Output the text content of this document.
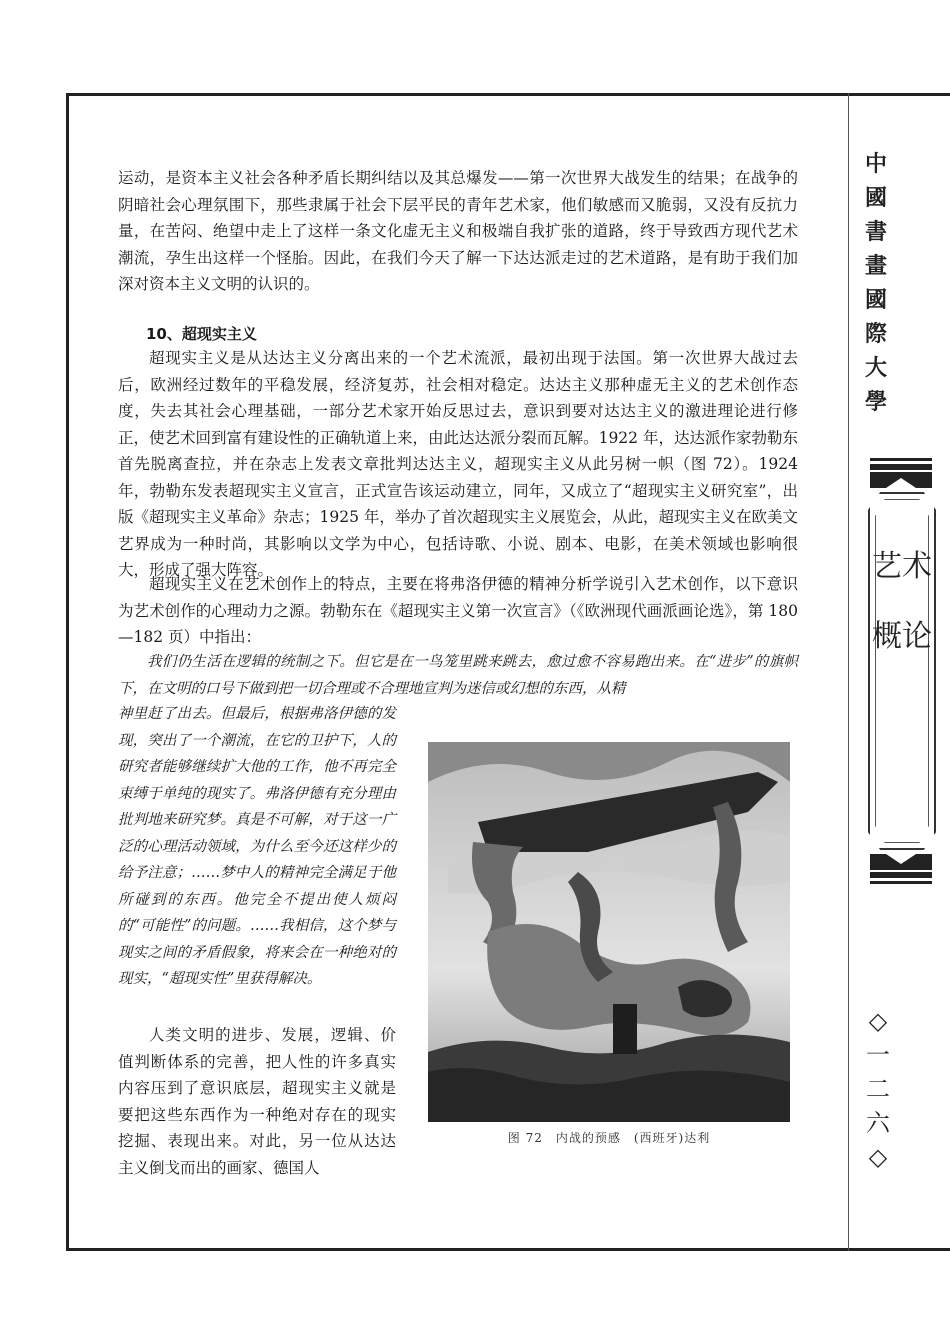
中國書畫國際大學
艺术概论
◇一二六◇

运动，是资本主义社会各种矛盾长期纠结以及其总爆发——第一次世界大战发生的结果；在战争的阴暗社会心理氛围下，那些隶属于社会下层平民的青年艺术家，他们敏感而又脆弱，又没有反抗力量，在苦闷、绝望中走上了这样一条文化虚无主义和极端自我扩张的道路，终于导致西方现代艺术潮流，孕生出这样一个怪胎。因此，在我们今天了解一下达达派走过的艺术道路，是有助于我们加深对资本主义文明的认识的。

10、超现实主义

超现实主义是从达达主义分离出来的一个艺术流派，最初出现于法国。第一次世界大战过去后，欧洲经过数年的平稳发展，经济复苏，社会相对稳定。达达主义那种虚无主义的艺术创作态度，失去其社会心理基础，一部分艺术家开始反思过去，意识到要对达达主义的激进理论进行修正，使艺术回到富有建设性的正确轨道上来，由此达达派分裂而瓦解。1922 年，达达派作家勃勒东首先脱离查拉，并在杂志上发表文章批判达达主义，超现实主义从此另树一帜（图 72）。1924 年，勃勒东发表超现实主义宣言，正式宣告该运动建立，同年，又成立了“超现实主义研究室”，出版《超现实主义革命》杂志；1925 年，举办了首次超现实主义展览会，从此，超现实主义在欧美文艺界成为一种时尚，其影响以文学为中心，包括诗歌、小说、剧本、电影，在美术领域也影响很大，形成了强大阵容。

超现实主义在艺术创作上的特点，主要在将弗洛伊德的精神分析学说引入艺术创作，以下意识为艺术创作的心理动力之源。勃勒东在《超现实主义第一次宣言》（《欧洲现代画派画论选》，第 180—182 页）中指出：

我们仍生活在逻辑的统制之下。但它是在一鸟笼里跳来跳去，愈过愈不容易跑出来。在“进步”的旗帜下，在文明的口号下做到把一切合理或不合理地宣判为迷信或幻想的东西，从精

神里赶了出去。但最后，根据弗洛伊德的发现，突出了一个潮流，在它的卫护下，人的研究者能够继续扩大他的工作，他不再完全束缚于单纯的现实了。弗洛伊德有充分理由批判地来研究梦。真是不可解，对于这一广泛的心理活动领域，为什么至今还这样少的给予注意；……梦中人的精神完全满足于他所碰到的东西。他完全不提出使人烦闷的“可能性”的问题。……我相信，这个梦与现实之间的矛盾假象，将来会在一种绝对的现实，“超现实性”里获得解决。

人类文明的进步、发展，逻辑、价值判断体系的完善，把人性的许多真实内容压到了意识底层，超现实主义就是要把这些东西作为一种绝对存在的现实挖掘、表现出来。对此，另一位从达达主义倒戈而出的画家、德国人

图 72　内战的预感　(西班牙)达利
